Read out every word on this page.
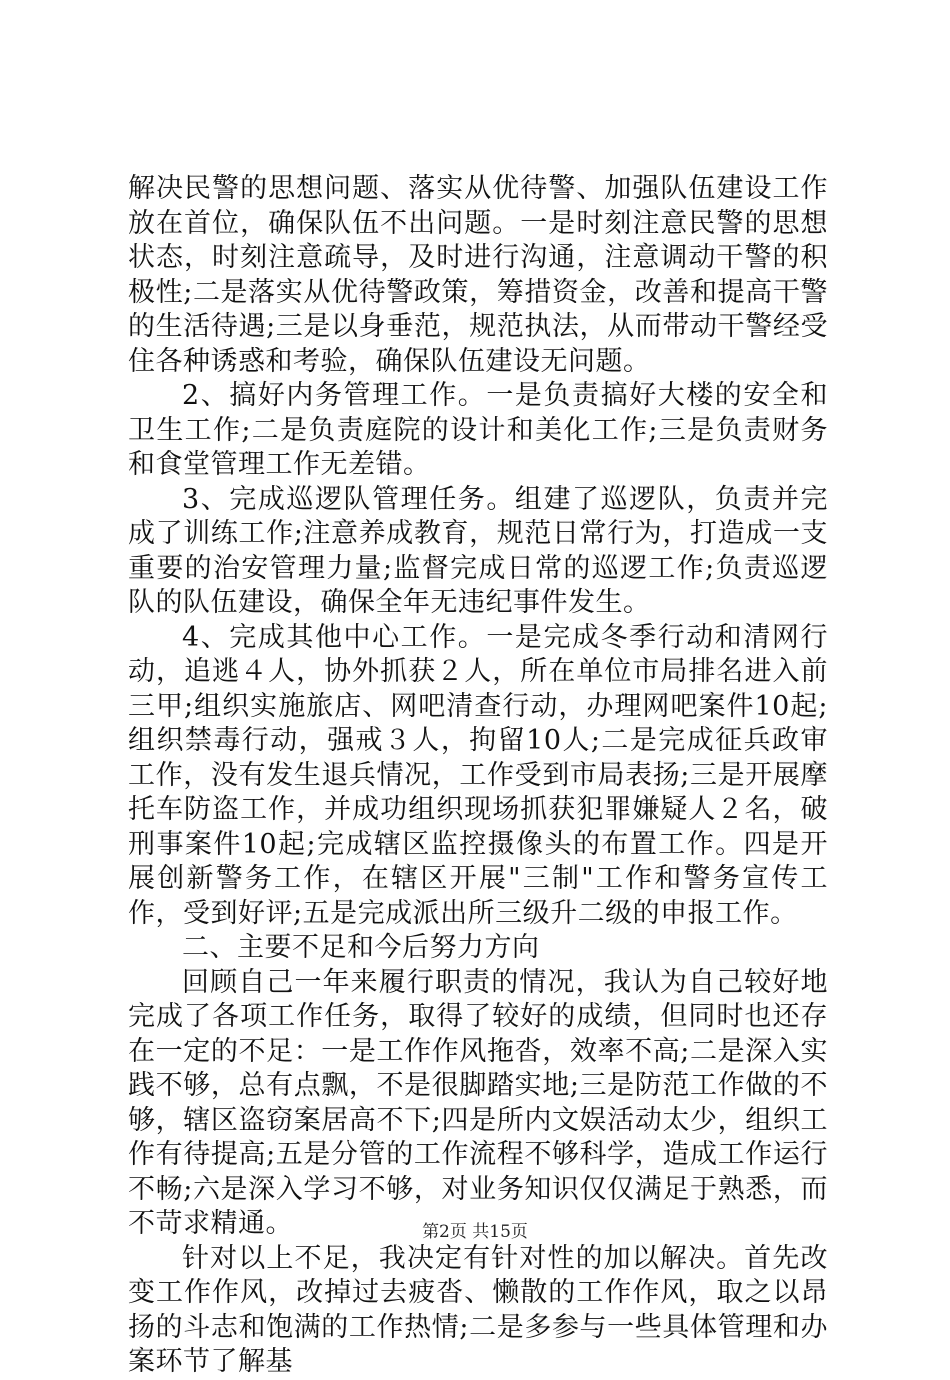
解决民警的思想问题、落实从优待警、加强队伍建设工作放在首位，确保队伍不出问题。一是时刻注意民警的思想状态，时刻注意疏导，及时进行沟通，注意调动干警的积极性;二是落实从优待警政策，筹措资金，改善和提高干警的生活待遇;三是以身垂范，规范执法，从而带动干警经受住各种诱惑和考验，确保队伍建设无问题。

2、搞好内务管理工作。一是负责搞好大楼的安全和卫生工作;二是负责庭院的设计和美化工作;三是负责财务和食堂管理工作无差错。

3、完成巡逻队管理任务。组建了巡逻队，负责并完成了训练工作;注意养成教育，规范日常行为，打造成一支重要的治安管理力量;监督完成日常的巡逻工作;负责巡逻队的队伍建设，确保全年无违纪事件发生。

4、完成其他中心工作。一是完成冬季行动和清网行动，追逃４人，协外抓获２人，所在单位市局排名进入前三甲;组织实施旅店、网吧清查行动，办理网吧案件10起;组织禁毒行动，强戒３人，拘留10人;二是完成征兵政审工作，没有发生退兵情况，工作受到市局表扬;三是开展摩托车防盗工作，并成功组织现场抓获犯罪嫌疑人２名，破刑事案件10起;完成辖区监控摄像头的布置工作。四是开展创新警务工作，在辖区开展"三制"工作和警务宣传工作，受到好评;五是完成派出所三级升二级的申报工作。

二、主要不足和今后努力方向

回顾自己一年来履行职责的情况，我认为自己较好地完成了各项工作任务，取得了较好的成绩，但同时也还存在一定的不足：一是工作作风拖沓，效率不高;二是深入实践不够，总有点飘，不是很脚踏实地;三是防范工作做的不够，辖区盗窃案居高不下;四是所内文娱活动太少，组织工作有待提高;五是分管的工作流程不够科学，造成工作运行不畅;六是深入学习不够，对业务知识仅仅满足于熟悉，而不苛求精通。

针对以上不足，我决定有针对性的加以解决。首先改变工作作风，改掉过去疲沓、懒散的工作作风，取之以昂扬的斗志和饱满的工作热情;二是多参与一些具体管理和办案环节了解基

第2页 共15页
